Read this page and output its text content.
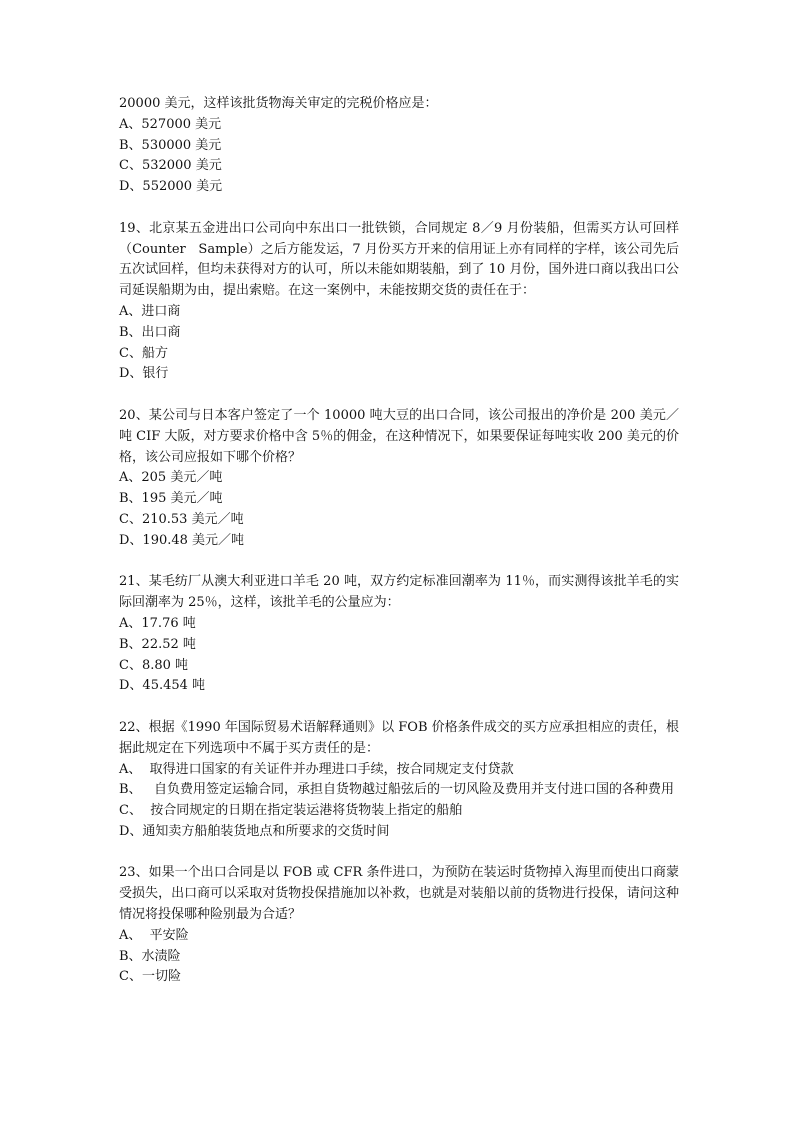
20000 美元，这样该批货物海关审定的完税价格应是：
A、527000 美元
B、530000 美元
C、532000 美元
D、552000 美元
19、北京某五金进出口公司向中东出口一批铁锁，合同规定 8／9 月份装船，但需买方认可回样（Counter   Sample）之后方能发运，7 月份买方开来的信用证上亦有同样的字样，该公司先后五次试回样，但均未获得对方的认可，所以未能如期装船，到了 10 月份，国外进口商以我出口公司延误船期为由，提出索赔。在这一案例中，未能按期交货的责任在于：
A、进口商
B、出口商
C、船方
D、银行
20、某公司与日本客户签定了一个 10000 吨大豆的出口合同，该公司报出的净价是 200 美元／吨 CIF 大阪，对方要求价格中含 5％的佣金，在这种情况下，如果要保证每吨实收 200 美元的价格，该公司应报如下哪个价格？
A、205 美元／吨
B、195 美元／吨
C、210.53 美元／吨
D、190.48 美元／吨
21、某毛纺厂从澳大利亚进口羊毛 20 吨，双方约定标准回潮率为 11％，而实测得该批羊毛的实际回潮率为 25％，这样，该批羊毛的公量应为：
A、17.76 吨
B、22.52 吨
C、8.80 吨
D、45.454 吨
22、根据《1990 年国际贸易术语解释通则》以 FOB 价格条件成交的买方应承担相应的责任，根据此规定在下列选项中不属于买方责任的是：
A、  取得进口国家的有关证件并办理进口手续，按合同规定支付贷款
B、   自负费用签定运输合同，承担自货物越过船弦后的一切风险及费用并支付进口国的各种费用
C、  按合同规定的日期在指定装运港将货物装上指定的船舶
D、通知卖方船舶装货地点和所要求的交货时间
23、如果一个出口合同是以 FOB 或 CFR 条件进口，为预防在装运时货物掉入海里而使出口商蒙受损失，出口商可以采取对货物投保措施加以补救，也就是对装船以前的货物进行投保，请问这种情况将投保哪种险别最为合适？
A、  平安险
B、水渍险
C、一切险
